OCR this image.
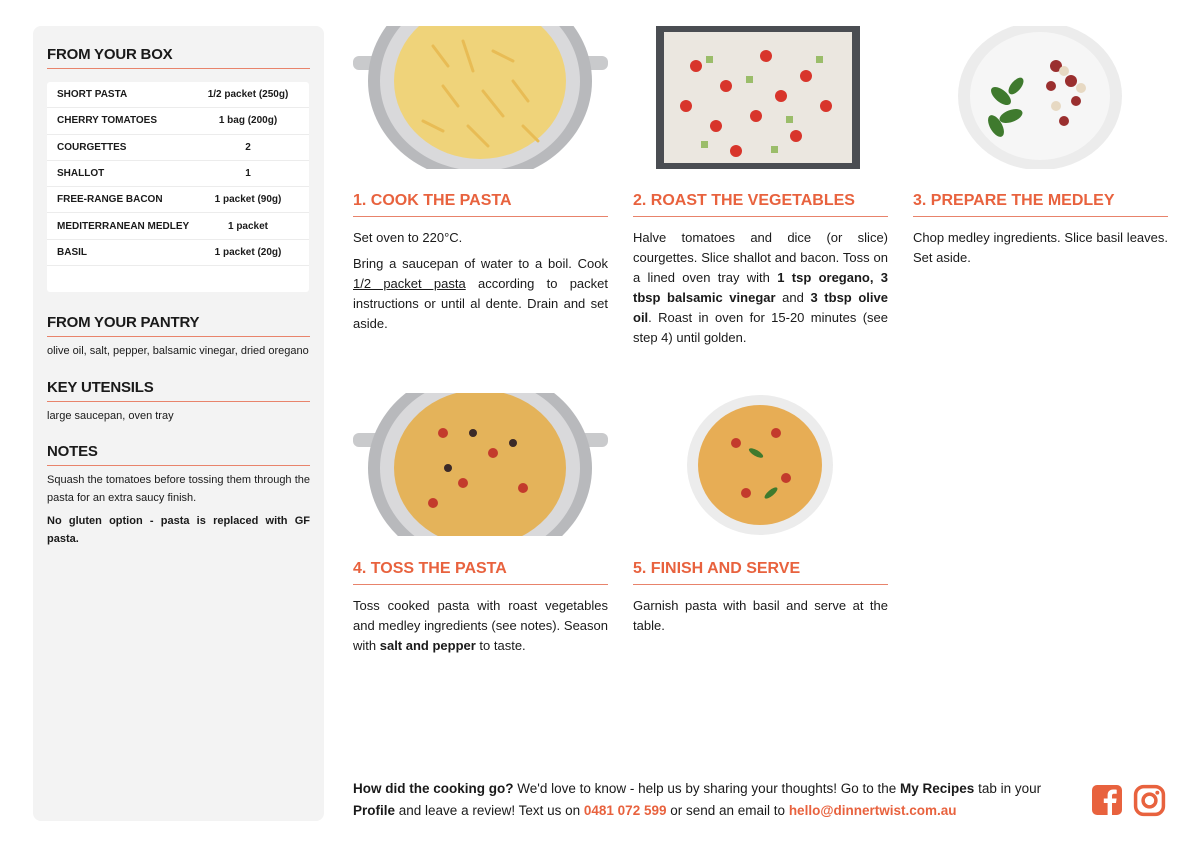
FROM YOUR BOX
SHORT PASTA	1/2 packet (250g)
CHERRY TOMATOES	1 bag (200g)
COURGETTES	2
SHALLOT	1
FREE-RANGE BACON	1 packet (90g)
MEDITERRANEAN MEDLEY	1 packet
BASIL	1 packet (20g)
FROM YOUR PANTRY
olive oil, salt, pepper, balsamic vinegar, dried oregano
KEY UTENSILS
large saucepan, oven tray
NOTES
Squash the tomatoes before tossing them through the pasta for an extra saucy finish.
No gluten option - pasta is replaced with GF pasta.
1. COOK THE PASTA

Set oven to 220°C.

Bring a saucepan of water to a boil. Cook 1/2 packet pasta according to packet instructions or until al dente. Drain and set aside.

2. ROAST THE VEGETABLES

Halve tomatoes and dice (or slice) courgettes. Slice shallot and bacon. Toss on a lined oven tray with 1 tsp oregano, 3 tbsp balsamic vinegar and 3 tbsp olive oil. Roast in oven for 15-20 minutes (see step 4) until golden.

3. PREPARE THE MEDLEY

Chop medley ingredients. Slice basil leaves. Set aside.

4. TOSS THE PASTA

Toss cooked pasta with roast vegetables and medley ingredients (see notes). Season with salt and pepper to taste.

5. FINISH AND SERVE

Garnish pasta with basil and serve at the table.

How did the cooking go? We'd love to know - help us by sharing your thoughts! Go to the My Recipes tab in your Profile and leave a review! Text us on 0481 072 599 or send an email to hello@dinnertwist.com.au
